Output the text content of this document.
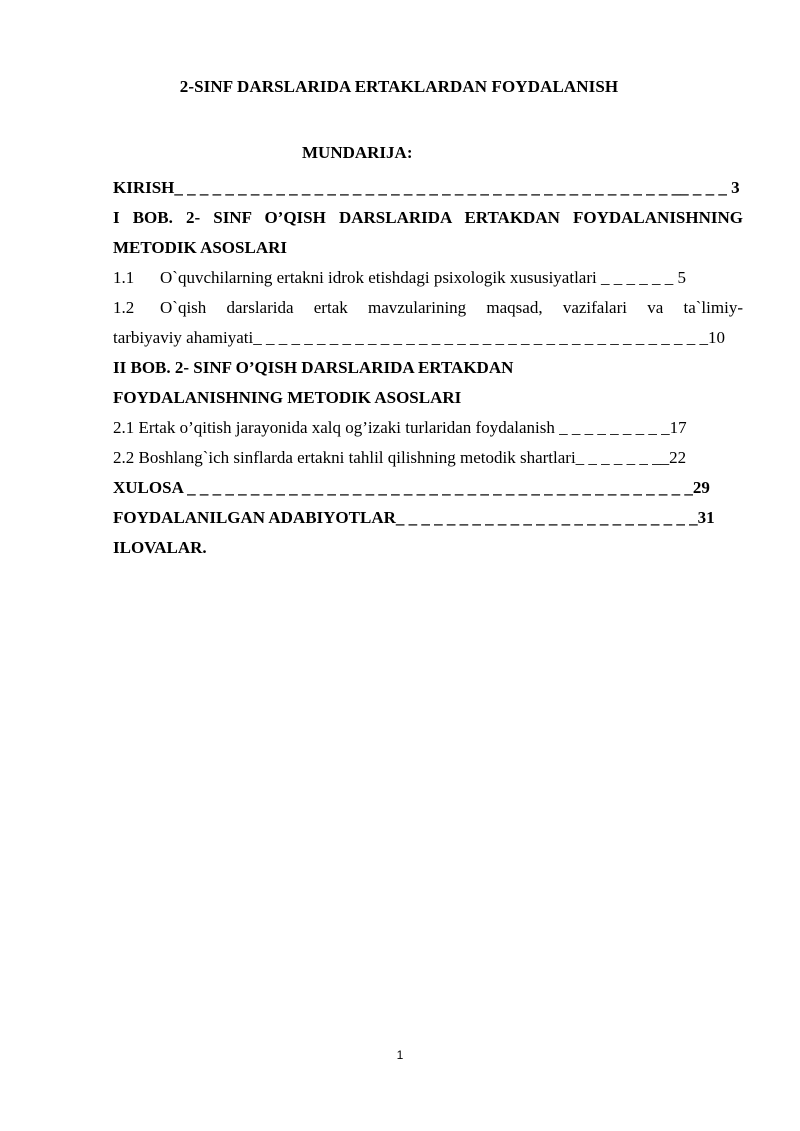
2-SINF DARSLARIDA ERTAKLARDAN FOYDALANISH
MUNDARIJA:
KIRISH_ _ _ _ _ _ _ _ _ _ _ _ _ _ _ _ _ _ _ _ _ _ _ _ _ _ _ _ _ _ _ _ _ _ _ _ _ _ _ __ _ _ _ 3
I BOB. 2- SINF O’QISH DARSLARIDA ERTAKDAN FOYDALANISHNING
METODIK ASOSLARI
1.1 O`quvchilarning ertakni idrok etishdagi psixologik xususiyatlari _ _ _ _ _ _ 5
1.2 O`qish darslarida ertak mavzularining maqsad, vazifalari va ta`limiy-
tarbiyaviy ahamiyati_ _ _ _ _ _ _ _ _ _ _ _ _ _ _ _ _ _ _ _ _ _ _ _ _ _ _ _ _ _ _ _ _ _ _ _10
II BOB. 2- SINF O’QISH DARSLARIDA ERTAKDAN
FOYDALANISHNING METODIK ASOSLARI
2.1 Ertak o’qitish jarayonida xalq og’izaki turlaridan foydalanish _ _ _ _ _ _ _ _ _17
2.2 Boshlang`ich sinflarda ertakni tahlil qilishning metodik shartlari_ _ _ _ _ _ __22
XULOSA _ _ _ _ _ _ _ _ _ _ _ _ _ _ _ _ _ _ _ _ _ _ _ _ _ _ _ _ _ _ _ _ _ _ _ _ _ _ _ _29
FOYDALANILGAN ADABIYOTLAR_ _ _ _ _ _ _ _ _ _ _ _ _ _ _ _ _ _ _ _ _ _ _ _31
ILOVALAR.
1
